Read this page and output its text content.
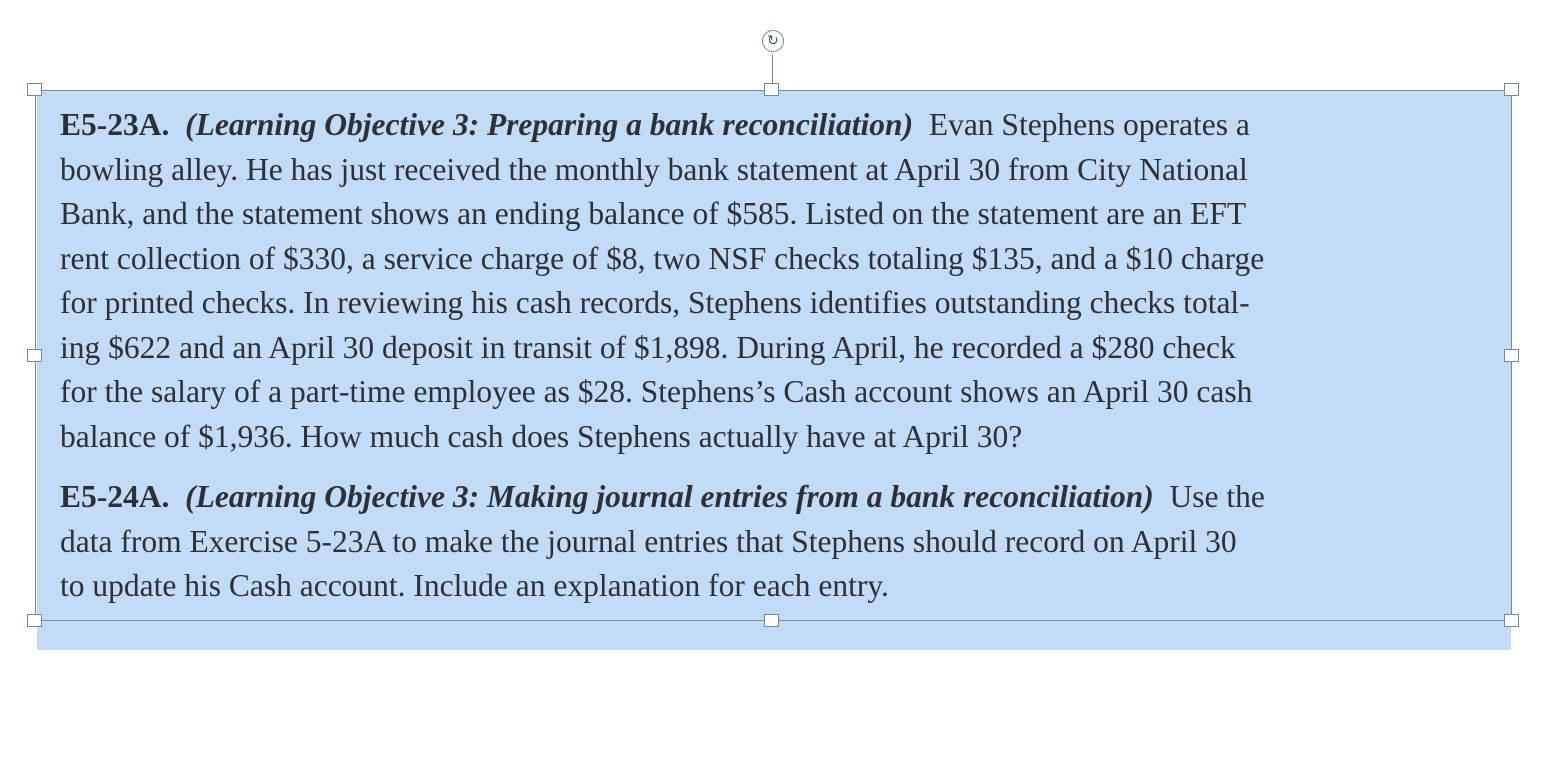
↻

E5-23A. (Learning Objective 3: Preparing a bank reconciliation) Evan Stephens operates a
bowling alley. He has just received the monthly bank statement at April 30 from City National
Bank, and the statement shows an ending balance of $585. Listed on the statement are an EFT
rent collection of $330, a service charge of $8, two NSF checks totaling $135, and a $10 charge
for printed checks. In reviewing his cash records, Stephens identifies outstanding checks total-
ing $622 and an April 30 deposit in transit of $1,898. During April, he recorded a $280 check
for the salary of a part-time employee as $28. Stephens’s Cash account shows an April 30 cash
balance of $1,936. How much cash does Stephens actually have at April 30?

E5-24A. (Learning Objective 3: Making journal entries from a bank reconciliation) Use the
data from Exercise 5-23A to make the journal entries that Stephens should record on April 30
to update his Cash account. Include an explanation for each entry.
